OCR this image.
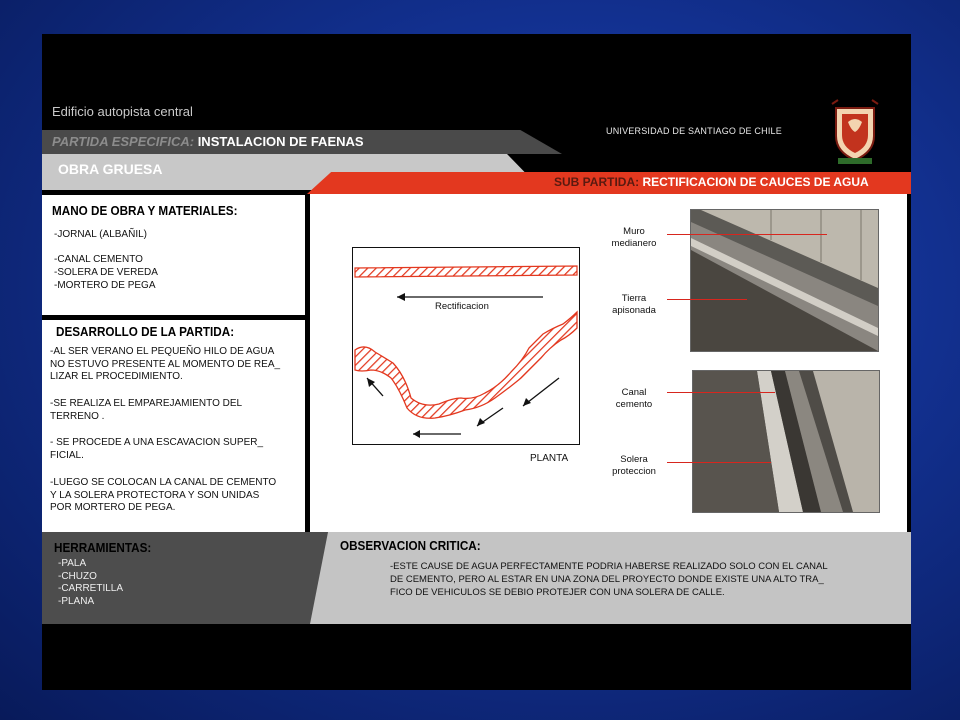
Edificio autopista central
UNIVERSIDAD DE SANTIAGO DE CHILE
PARTIDA ESPECIFICA: INSTALACION DE FAENAS
OBRA GRUESA
SUB PARTIDA: RECTIFICACION DE CAUCES DE AGUA
MANO DE OBRA Y MATERIALES:
-JORNAL (ALBAÑIL)
-CANAL CEMENTO
-SOLERA DE VEREDA
-MORTERO DE PEGA
DESARROLLO DE LA PARTIDA:
-AL SER VERANO EL PEQUEÑO HILO DE AGUA
NO ESTUVO PRESENTE AL MOMENTO DE REA_
LIZAR EL PROCEDIMIENTO.
-SE REALIZA EL EMPAREJAMIENTO DEL
TERRENO .
- SE PROCEDE A UNA ESCAVACION SUPER_
FICIAL.
-LUEGO SE COLOCAN LA CANAL DE CEMENTO
Y LA SOLERA PROTECTORA Y SON UNIDAS
POR MORTERO DE PEGA.
Rectificacion
PLANTA
Muro
medianero
Tierra
apisonada
Canal
cemento
Solera
proteccion
HERRAMIENTAS:
-PALA
-CHUZO
-CARRETILLA
-PLANA
OBSERVACION CRITICA:
-ESTE CAUSE DE AGUA PERFECTAMENTE PODRIA HABERSE REALIZADO SOLO CON EL CANAL
DE CEMENTO, PERO AL ESTAR EN UNA ZONA DEL PROYECTO DONDE EXISTE UNA ALTO TRA_
FICO DE VEHICULOS SE DEBIO PROTEJER CON UNA SOLERA DE CALLE.
